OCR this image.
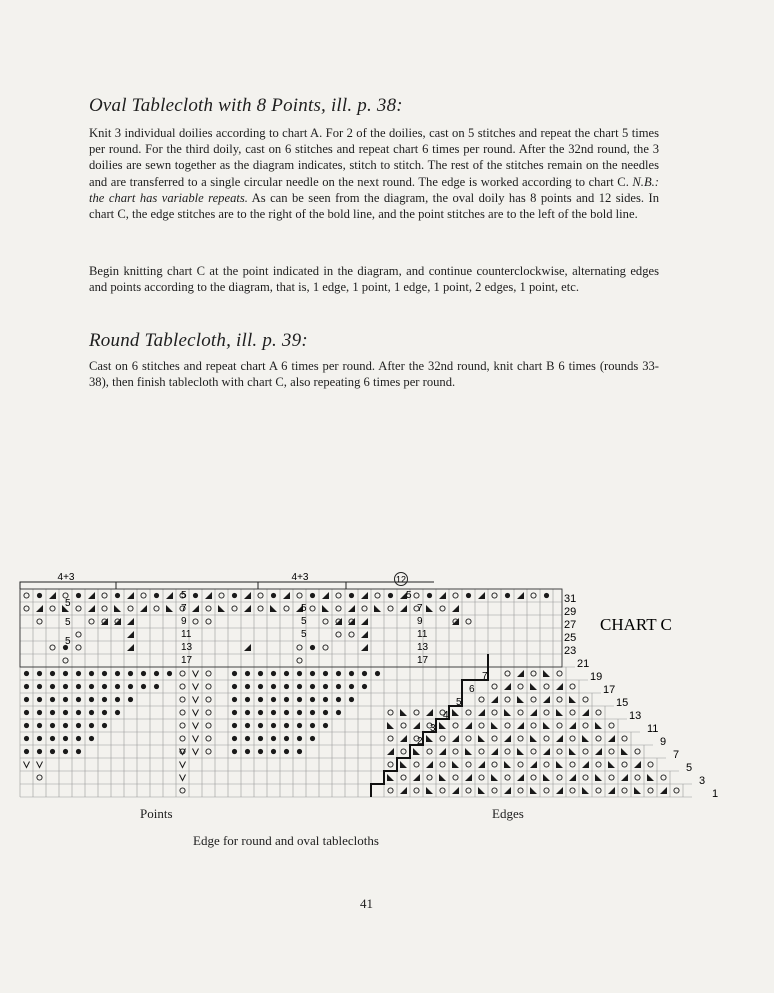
Oval Tablecloth with 8 Points, ill. p. 38:

Knit 3 individual doilies according to chart A. For 2 of the doilies, cast on 5 stitches and repeat the chart 5 times per round. For the third doily, cast on 6 stitches and repeat chart 6 times per round. After the 32nd round, the 3 doilies are sewn together as the diagram indicates, stitch to stitch. The rest of the stitches remain on the needles and are transferred to a single circular needle on the next round. The edge is worked according to chart C. N.B.: the chart has variable repeats. As can be seen from the diagram, the oval doily has 8 points and 12 sides. In chart C, the edge stitches are to the right of the bold line, and the point stitches are to the left of the bold line.

Begin knitting chart C at the point indicated in the diagram, and continue counterclockwise, alternating edges and points according to the diagram, that is, 1 edge, 1 point, 1 edge, 1 point, 2 edges, 1 point, etc.

Round Tablecloth, ill. p. 39:

Cast on 6 stitches and repeat chart A 6 times per round. After the 32nd round, knit chart B 6 times (rounds 33-38), then finish tablecloth with chart C, also repeating 6 times per round.

4+3	4+3	12
5
5
5
5
7
9
11
13
17
5
5
5
7
9
11
13
17
5
7
6
5
4
3
2
31
29
27
25
23
21
19
17
15
13
11
9
7
5
3
1
CHART C

Points	Edges

Edge for round and oval tablecloths

41
